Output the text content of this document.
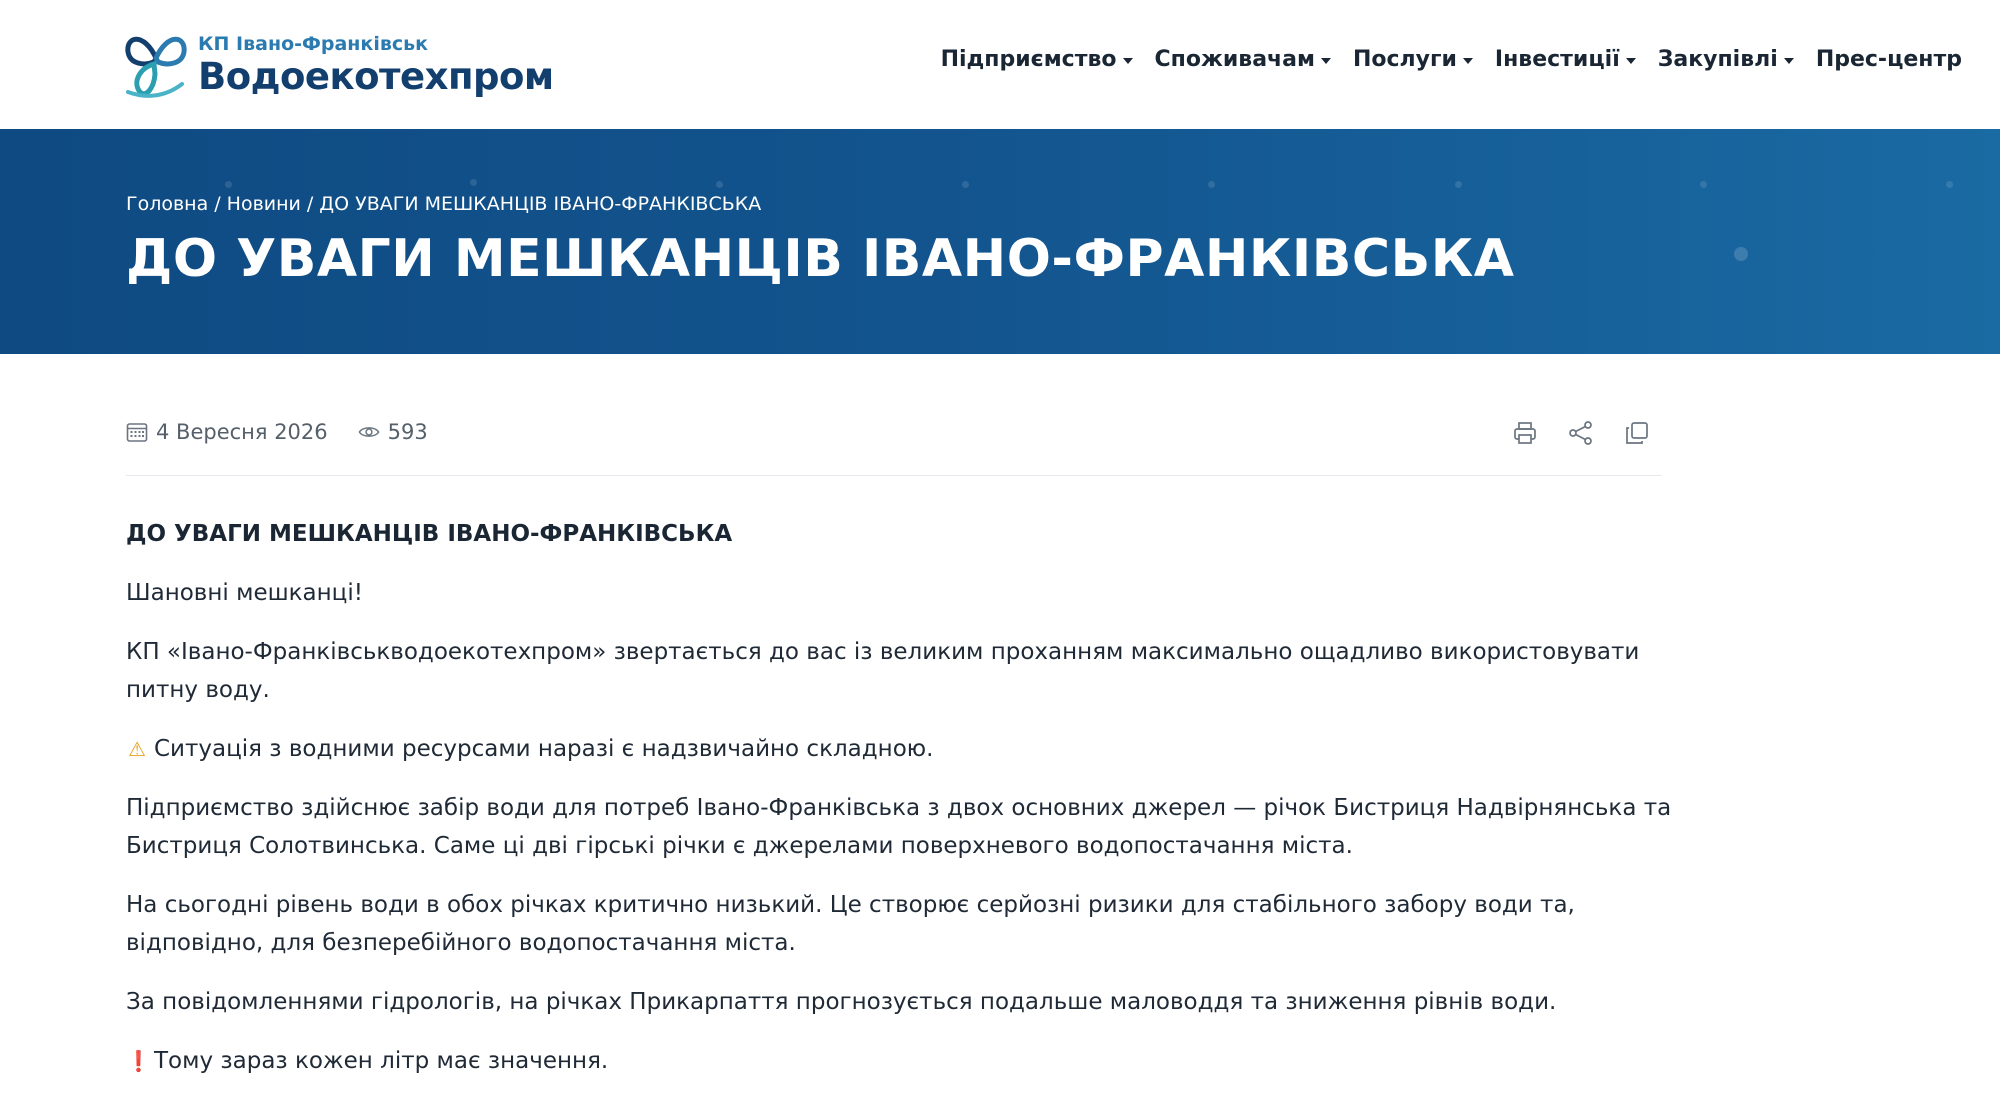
КП Івано-Франківськ
Водоекотехпром	Підприємство Споживачам Послуги Інвестиції Закупівлі Прес-центр
Головна / Новини / ДО УВАГИ МЕШКАНЦІВ ІВАНО-ФРАНКІВСЬКА
ДО УВАГИ МЕШКАНЦІВ ІВАНО-ФРАНКІВСЬКА
4 Вересня 2026	593
ДО УВАГИ МЕШКАНЦІВ ІВАНО-ФРАНКІВСЬКА

Шановні мешканці!

КП «Івано-Франківськводоекотехпром» звертається до вас із великим проханням максимально ощадливо використовувати питну воду.

⚠ Ситуація з водними ресурсами наразі є надзвичайно складною.

Підприємство здійснює забір води для потреб Івано-Франківська з двох основних джерел — річок Бистриця Надвірнянська та Бистриця Солотвинська. Саме ці дві гірські річки є джерелами поверхневого водопостачання міста.

На сьогодні рівень води в обох річках критично низький. Це створює серйозні ризики для стабільного забору води та, відповідно, для безперебійного водопостачання міста.

За повідомленнями гідрологів, на річках Прикарпаття прогнозується подальше маловоддя та зниження рівнів води.

❗ Тому зараз кожен літр має значення.
